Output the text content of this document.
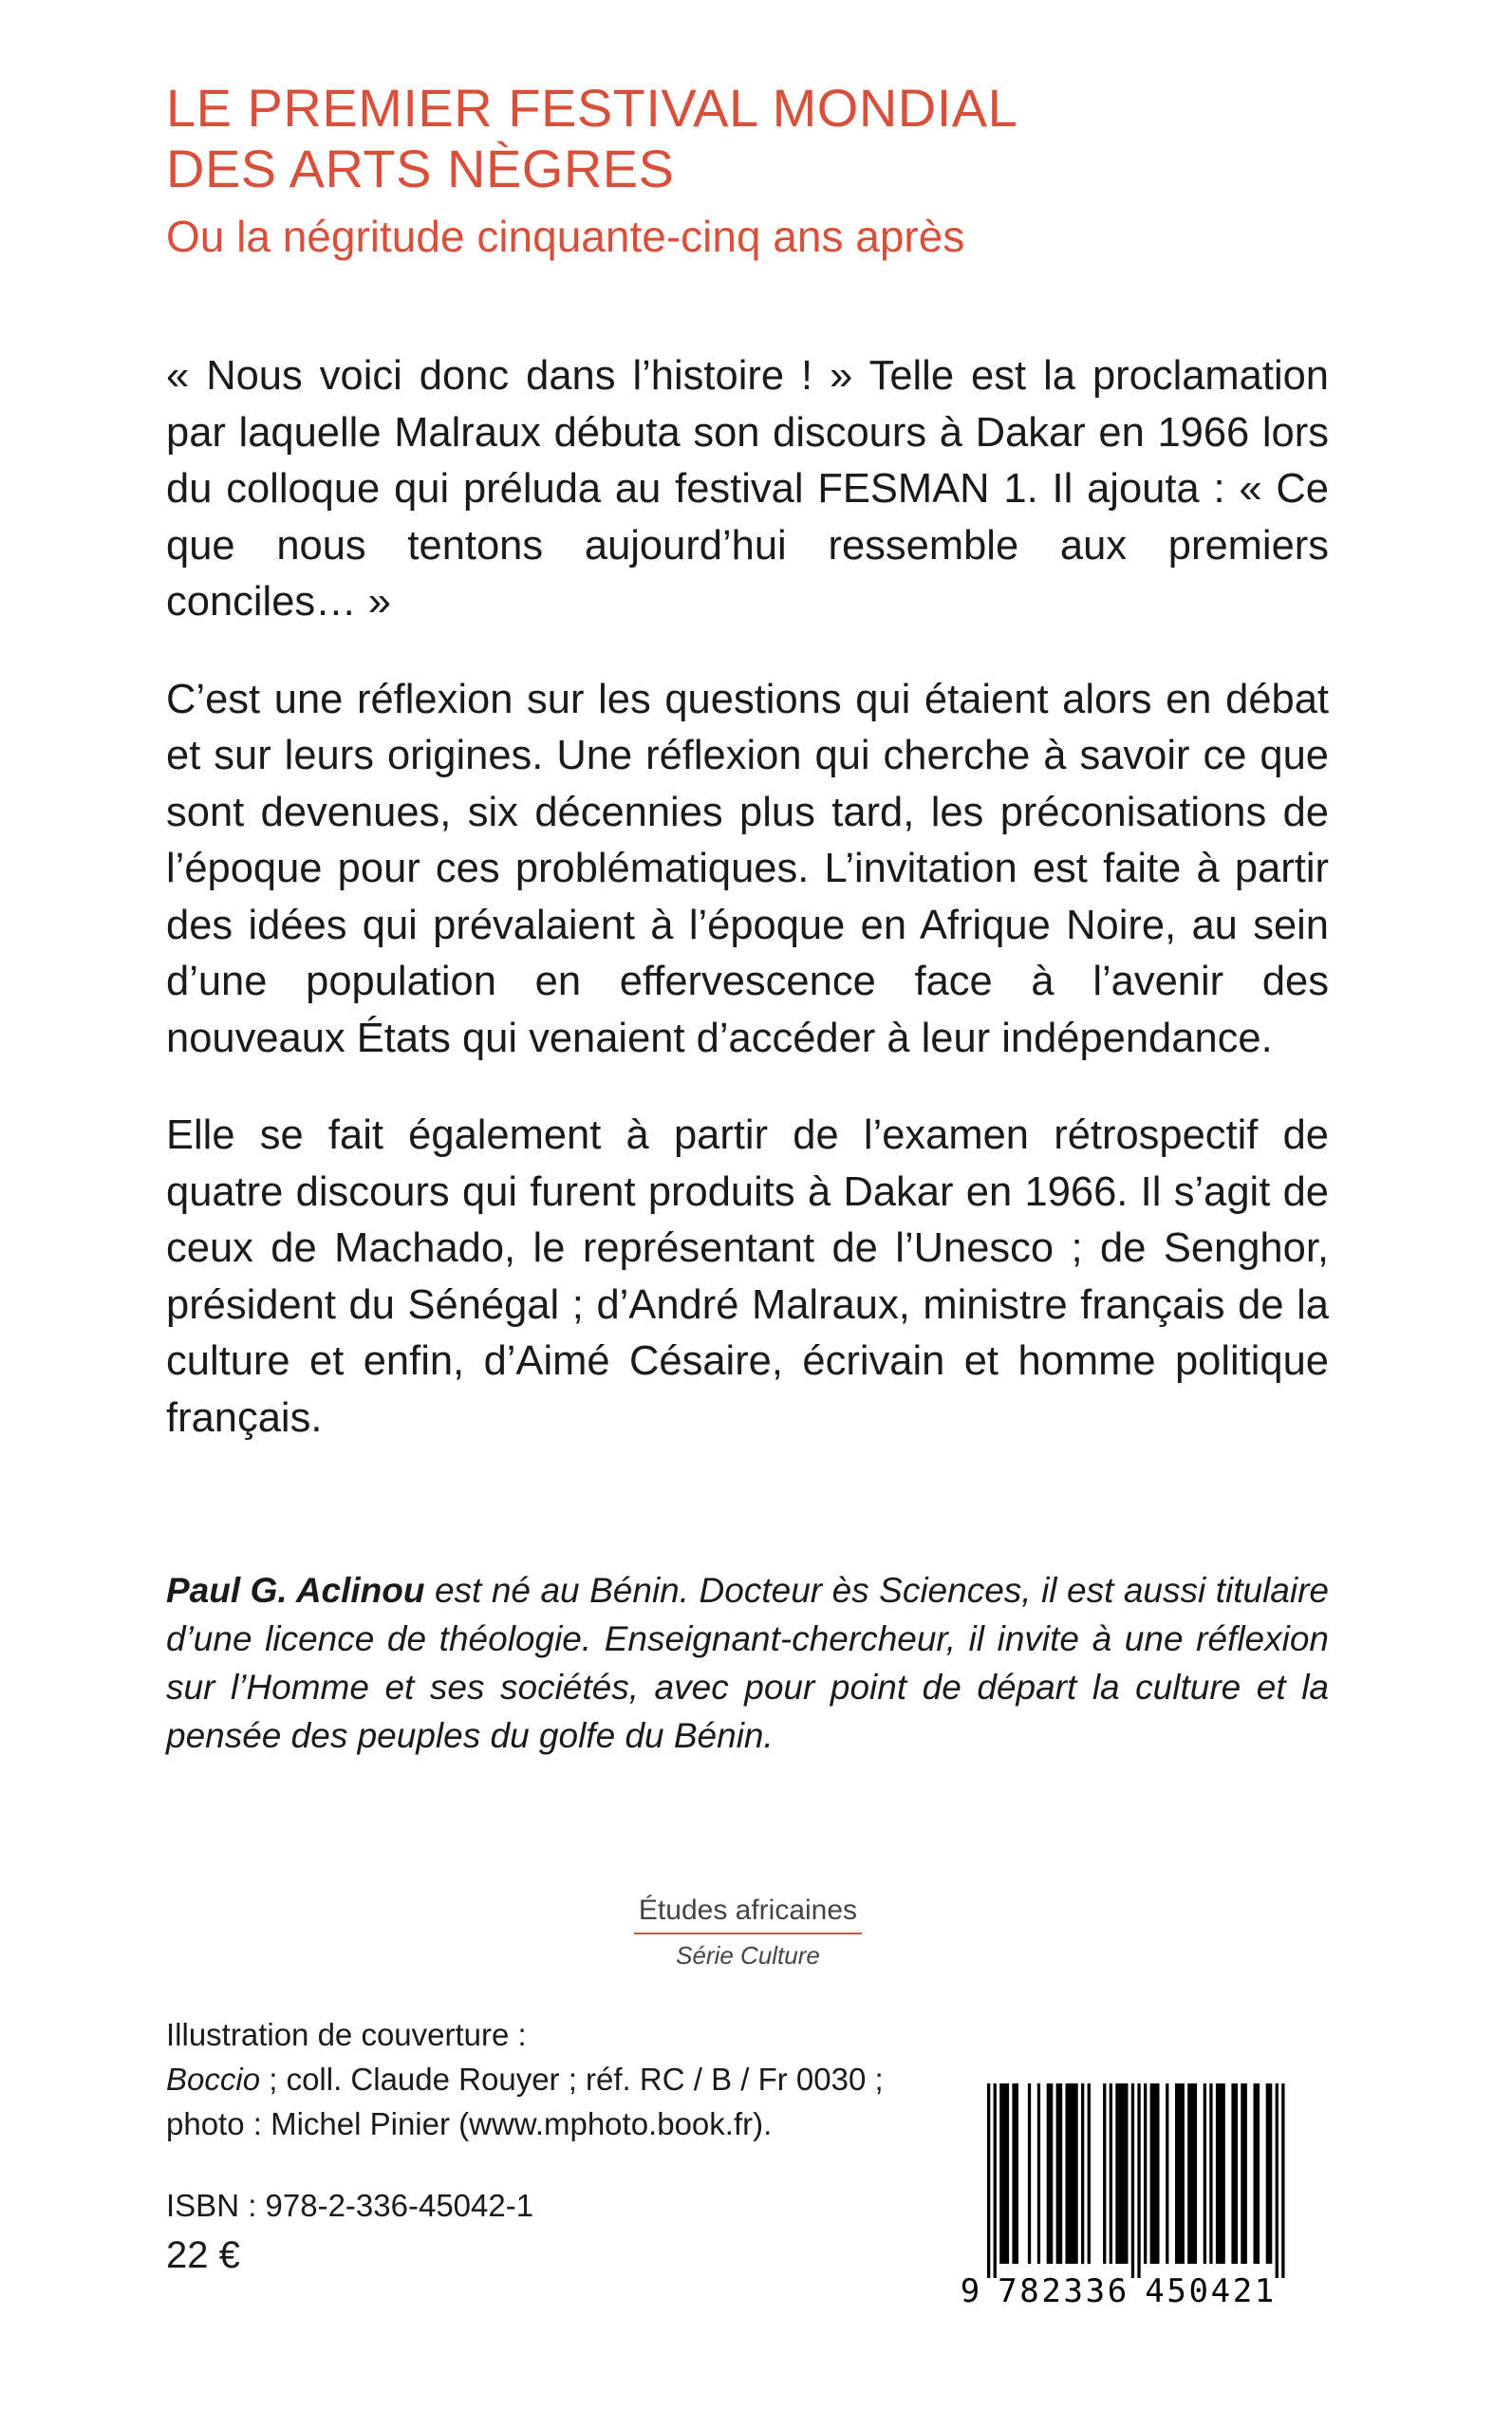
LE PREMIER FESTIVAL MONDIAL
DES ARTS NÈGRES
Ou la négritude cinquante-cinq ans après

« Nous voici donc dans l’histoire ! » Telle est la proclamation par laquelle Malraux débuta son discours à Dakar en 1966 lors du colloque qui préluda au festival FESMAN 1. Il ajouta : « Ce que nous tentons aujourd’hui ressemble aux premiers conciles… »

C’est une réflexion sur les questions qui étaient alors en débat et sur leurs origines. Une réflexion qui cherche à savoir ce que sont devenues, six décennies plus tard, les préconisations de l’époque pour ces problématiques. L’invitation est faite à partir des idées qui prévalaient à l’époque en Afrique Noire, au sein d’une population en effervescence face à l’avenir des nouveaux États qui venaient d’accéder à leur indépendance.

Elle se fait également à partir de l’examen rétrospectif de quatre discours qui furent produits à Dakar en 1966. Il s’agit de ceux de Machado, le représentant de l’Unesco ; de Senghor, président du Sénégal ; d’André Malraux, ministre français de la culture et enfin, d’Aimé Césaire, écrivain et homme politique français.

Paul G. Aclinou est né au Bénin. Docteur ès Sciences, il est aussi titulaire d’une licence de théologie. Enseignant-chercheur, il invite à une réflexion sur l’Homme et ses sociétés, avec pour point de départ la culture et la pensée des peuples du golfe du Bénin.
Études africaines
Série Culture
Illustration de couverture :
Boccio ; coll. Claude Rouyer ; réf. RC / B / Fr 0030 ;
photo : Michel Pinier (www.mphoto.book.fr).
ISBN : 978-2-336-45042-1
22 €
9 7 8 2 3 3 6 4 5 0 4 2 1
